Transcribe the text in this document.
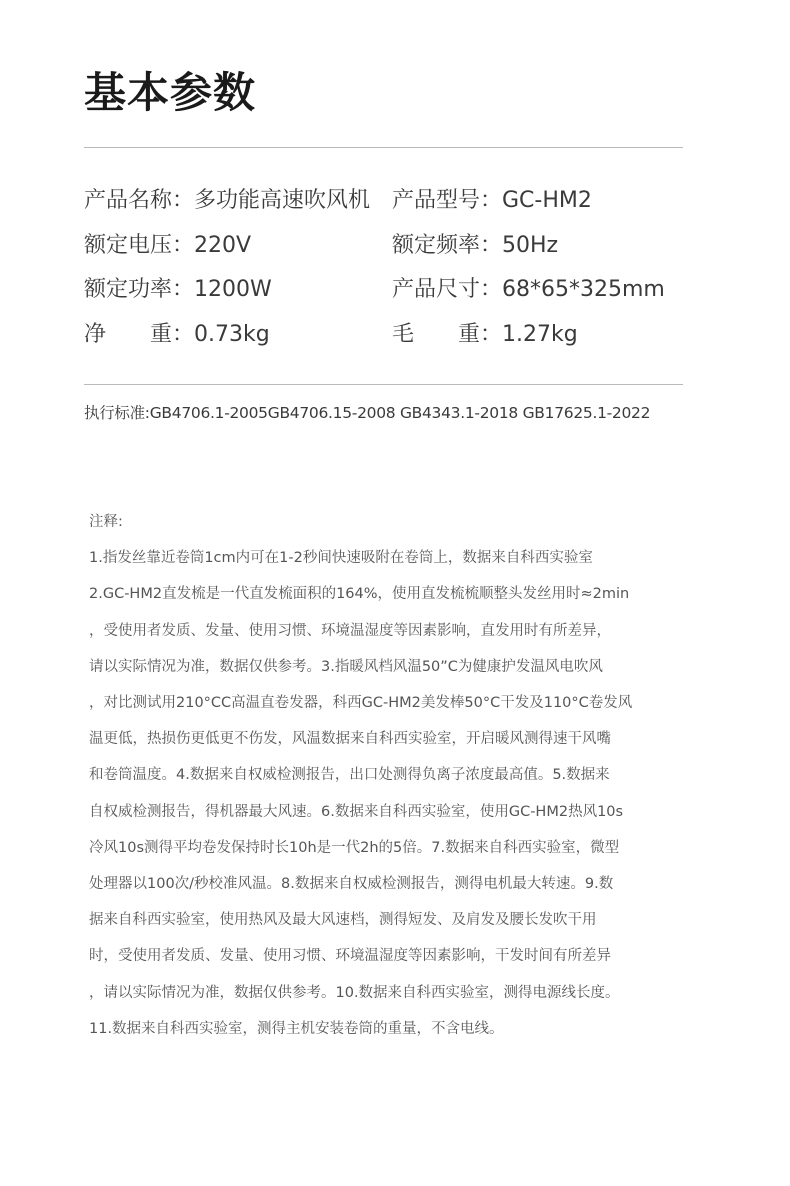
基本参数
产品名称：多功能高速吹风机 产品型号：GC-HM2
额定电压：220V	额定频率：50Hz
额定功率：1200W	产品尺寸：68*65*325mm
净　　重：0.73kg	毛　　重：1.27kg
执行标准:GB4706.1-2005GB4706.15-2008 GB4343.1-2018 GB17625.1-2022
注释:
1.指发丝靠近卷筒1cm内可在1-2秒间快速吸附在卷筒上，数据来自科西实验室
2.GC-HM2直发梳是一代直发梳面积的164%，使用直发梳梳顺整头发丝用时≈2min
，受使用者发质、发量、使用习惯、环境温湿度等因素影响，直发用时有所差异，
请以实际情况为准，数据仅供参考。3.指暖风档风温50”C为健康护发温风电吹风
，对比测试用210°CC高温直卷发器，科西GC-HM2美发棒50°C干发及110°C卷发风
温更低，热损伤更低更不伤发，风温数据来自科西实验室，开启暖风测得速干风嘴
和卷筒温度。4.数据来自权威检测报告，出口处测得负离子浓度最高值。5.数据来
自权威检测报告，得机器最大风速。6.数据来自科西实验室，使用GC-HM2热风10s
冷风10s测得平均卷发保持时长10h是一代2h的5倍。7.数据来自科西实验室，微型
处理器以100次/秒校准风温。8.数据来自权威检测报告，测得电机最大转速。9.数
据来自科西实验室，使用热风及最大风速档，测得短发、及肩发及腰长发吹干用
时，受使用者发质、发量、使用习惯、环境温湿度等因素影响，干发时间有所差异
，请以实际情况为准，数据仅供参考。10.数据来自科西实验室，测得电源线长度。
11.数据来自科西实验室，测得主机安装卷筒的重量，不含电线。
